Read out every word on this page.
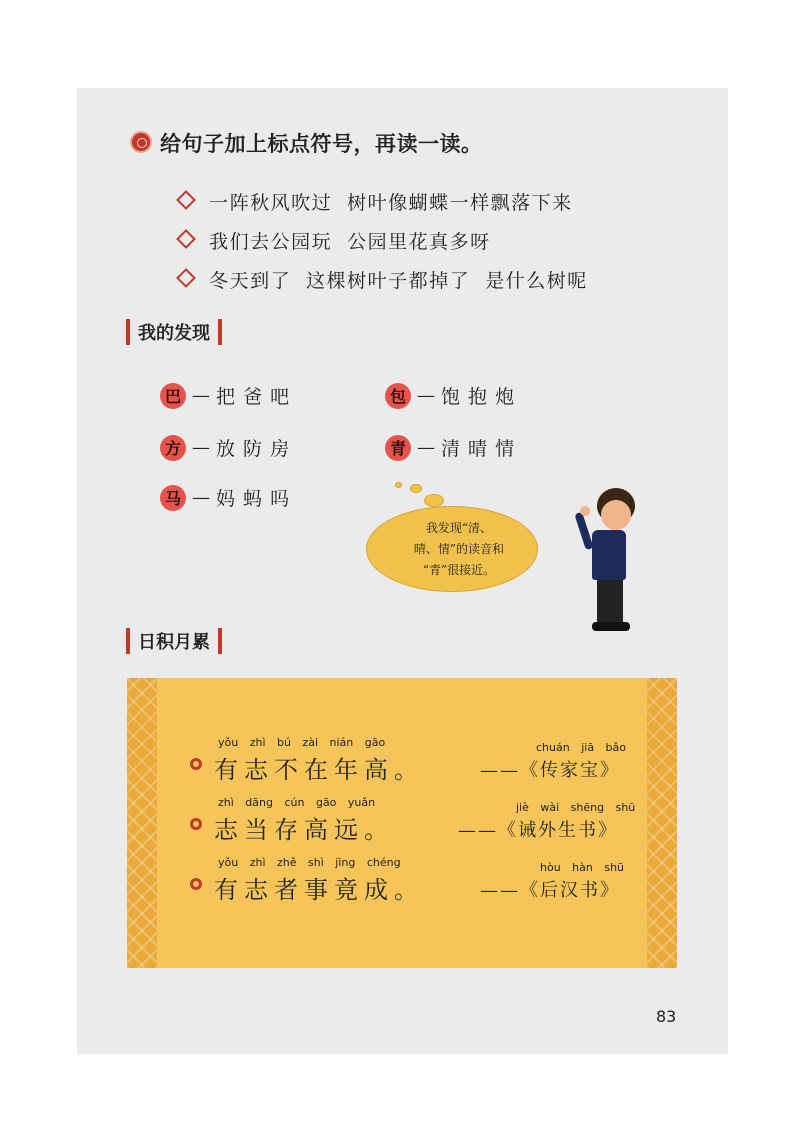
给句子加上标点符号，再读一读。

一阵秋风吹过  树叶像蝴蝶一样飘落下来

我们去公园玩  公园里花真多呀

冬天到了  这棵树叶子都掉了  是什么树呢

我的发现
巴 — 把 爸 吧
方 — 放 防 房
马 — 妈 蚂 吗
包 — 饱 抱 炮
青 — 清 晴 情
我发现“清、
晴、情”的读音和
“青”很接近。
日积月累
yǒu zhì bú zài nián gāo
有志不在年高。
chuán jiā bǎo
——《传家宝》
zhì dāng cún gāo yuǎn
志当存高远。
jiè wài shēng shū
——《诫外生书》
yǒu zhì zhě shì jìng chéng
有志者事竟成。
hòu hàn shū
——《后汉书》
83
